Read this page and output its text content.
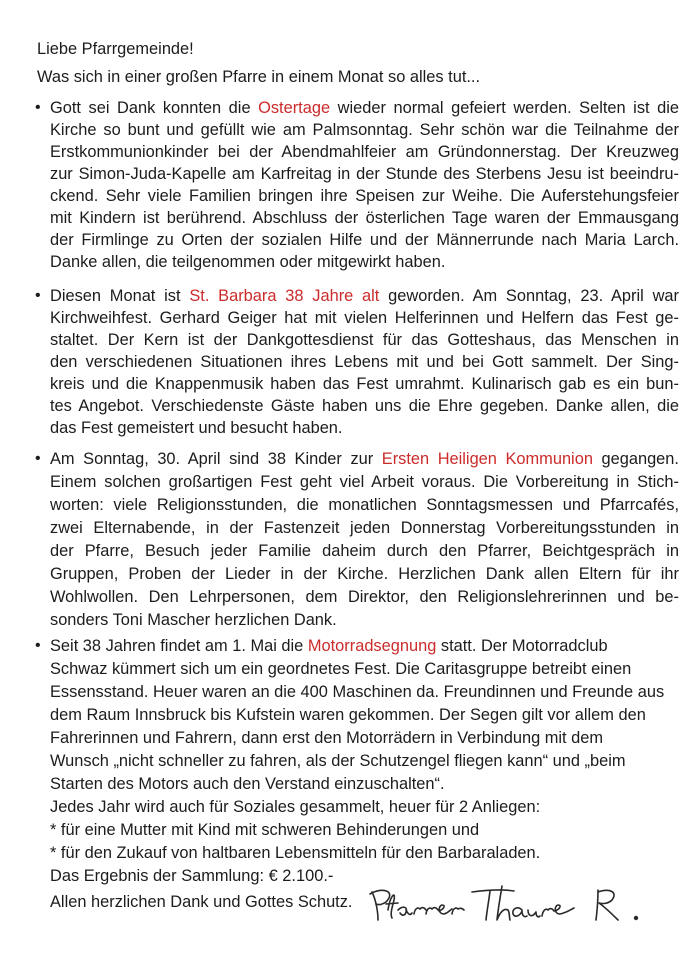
Liebe Pfarrgemeinde!
Was sich in einer großen Pfarre in einem Monat so alles tut...
• Gott sei Dank konnten die Ostertage wieder normal gefeiert werden. Selten ist die
Kirche so bunt und gefüllt wie am Palmsonntag. Sehr schön war die Teilnahme der
Erstkommunionkinder bei der Abendmahlfeier am Gründonnerstag. Der Kreuzweg
zur Simon-Juda-Kapelle am Karfreitag in der Stunde des Sterbens Jesu ist beeindru-
ckend. Sehr viele Familien bringen ihre Speisen zur Weihe. Die Auferstehungsfeier
mit Kindern ist berührend. Abschluss der österlichen Tage waren der Emmausgang
der Firmlinge zu Orten der sozialen Hilfe und der Männerrunde nach Maria Larch.
Danke allen, die teilgenommen oder mitgewirkt haben.
• Diesen Monat ist St. Barbara 38 Jahre alt geworden. Am Sonntag, 23. April war
Kirchweihfest. Gerhard Geiger hat mit vielen Helferinnen und Helfern das Fest ge-
staltet. Der Kern ist der Dankgottesdienst für das Gotteshaus, das Menschen in
den verschiedenen Situationen ihres Lebens mit und bei Gott sammelt. Der Sing-
kreis und die Knappenmusik haben das Fest umrahmt. Kulinarisch gab es ein bun-
tes Angebot. Verschiedenste Gäste haben uns die Ehre gegeben. Danke allen, die
das Fest gemeistert und besucht haben.
• Am Sonntag, 30. April sind 38 Kinder zur Ersten Heiligen Kommunion gegangen.
Einem solchen großartigen Fest geht viel Arbeit voraus. Die Vorbereitung in Stich-
worten: viele Religionsstunden, die monatlichen Sonntagsmessen und Pfarrcafés,
zwei Elternabende, in der Fastenzeit jeden Donnerstag Vorbereitungsstunden in
der Pfarre, Besuch jeder Familie daheim durch den Pfarrer, Beichtgespräch in
Gruppen, Proben der Lieder in der Kirche. Herzlichen Dank allen Eltern für ihr
Wohlwollen. Den Lehrpersonen, dem Direktor, den Religionslehrerinnen und be-
sonders Toni Mascher herzlichen Dank.
• Seit 38 Jahren findet am 1. Mai die Motorradsegnung statt. Der Motorradclub
Schwaz kümmert sich um ein geordnetes Fest. Die Caritasgruppe betreibt einen
Essensstand. Heuer waren an die 400 Maschinen da. Freundinnen und Freunde aus
dem Raum Innsbruck bis Kufstein waren gekommen. Der Segen gilt vor allem den
Fahrerinnen und Fahrern, dann erst den Motorrädern in Verbindung mit dem
Wunsch „nicht schneller zu fahren, als der Schutzengel fliegen kann“ und „beim
Starten des Motors auch den Verstand einzuschalten“.
Jedes Jahr wird auch für Soziales gesammelt, heuer für 2 Anliegen:
* für eine Mutter mit Kind mit schweren Behinderungen und
* für den Zukauf von haltbaren Lebensmitteln für den Barbaraladen.
Das Ergebnis der Sammlung: € 2.100.-
Allen herzlichen Dank und Gottes Schutz.
